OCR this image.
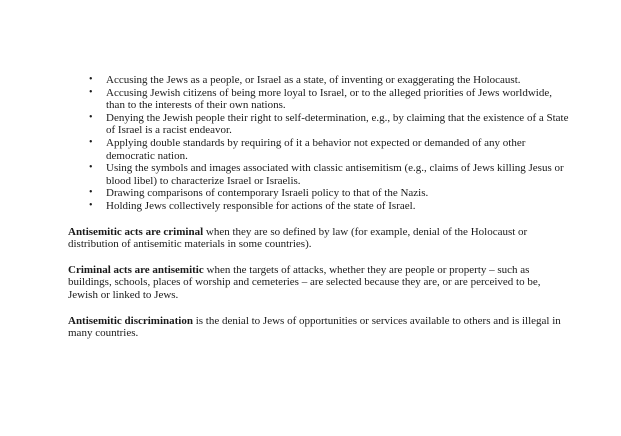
• Accusing the Jews as a people, or Israel as a state, of inventing or exaggerating the Holocaust.
• Accusing Jewish citizens of being more loyal to Israel, or to the alleged priorities of Jews worldwide, than to the interests of their own nations.
• Denying the Jewish people their right to self-determination, e.g., by claiming that the existence of a State of Israel is a racist endeavor.
• Applying double standards by requiring of it a behavior not expected or demanded of any other democratic nation.
• Using the symbols and images associated with classic antisemitism (e.g., claims of Jews killing Jesus or blood libel) to characterize Israel or Israelis.
• Drawing comparisons of contemporary Israeli policy to that of the Nazis.
• Holding Jews collectively responsible for actions of the state of Israel.

Antisemitic acts are criminal when they are so defined by law (for example, denial of the Holocaust or distribution of antisemitic materials in some countries).

Criminal acts are antisemitic when the targets of attacks, whether they are people or property – such as buildings, schools, places of worship and cemeteries – are selected because they are, or are perceived to be, Jewish or linked to Jews.

Antisemitic discrimination is the denial to Jews of opportunities or services available to others and is illegal in many countries.
